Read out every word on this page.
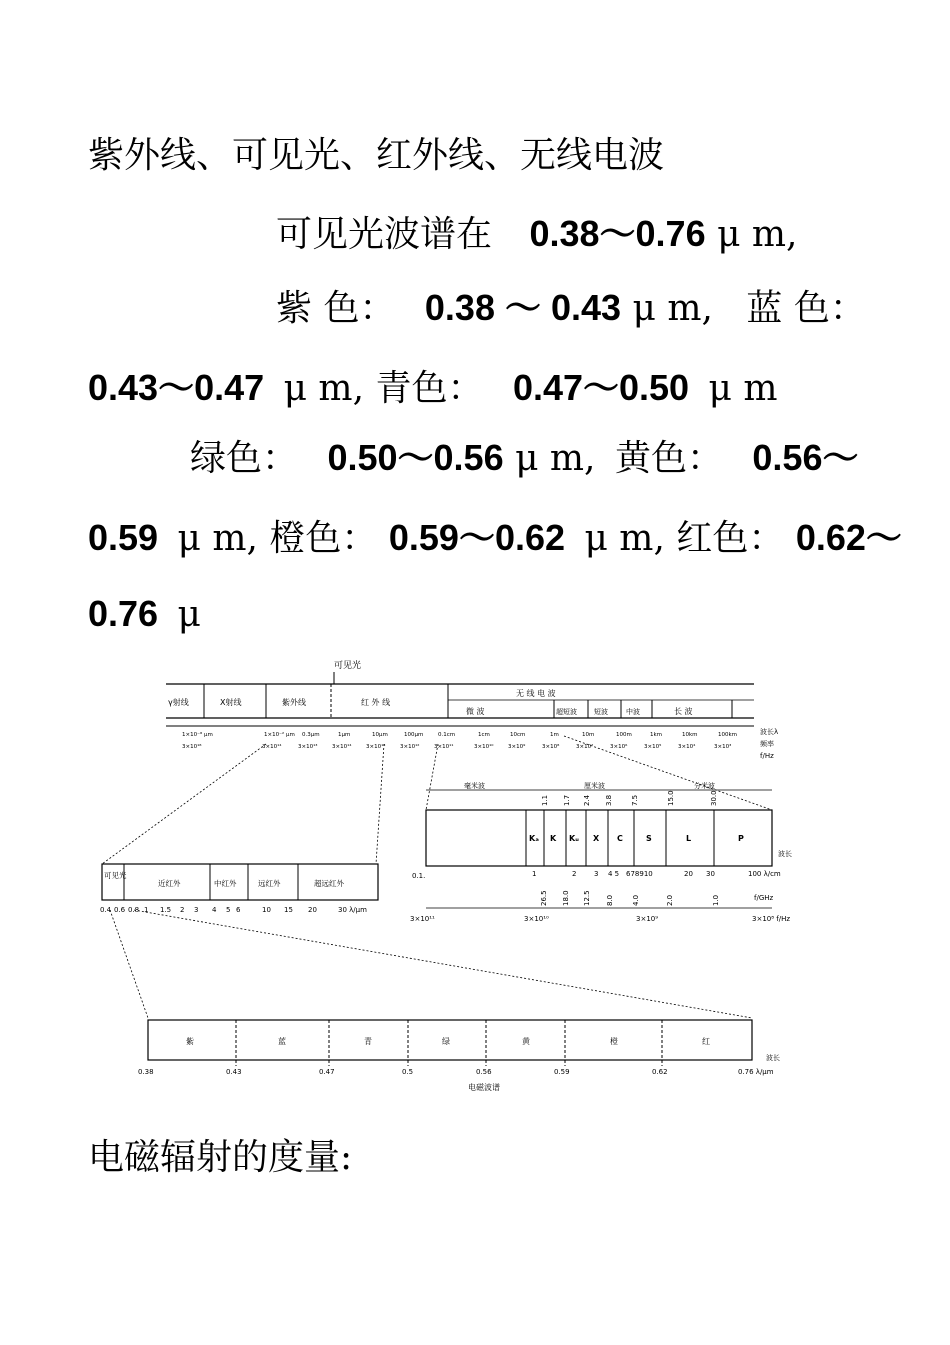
紫外线、可见光、红外线、无线电波
可见光波谱在 0.38～0.76 μ m,
紫 色： 0.38 ～ 0.43 μ m, 蓝 色：
0.43～0.47 μ m, 青色： 0.47～0.50 μ m
绿色： 0.50～0.56 μ m, 黄色： 0.56～
0.59 μ m, 橙色： 0.59～0.62 μ m, 红色： 0.62～
0.76 μ
可见光
γ射线	X射线	紫外线	红 外 线
无 线 电 波
微 波	超短波 短波	中波	长 波
1×10⁻⁸ μm	1×10⁻² μm 0.3μm	1μm	10μm	100μm	0.1cm	1cm	10cm	1m	10m	100m	1km	10km	100km
3×10¹⁸	3×10¹⁴	3×10¹³	3×10¹⁴	3×10¹³	3×10¹²	3×10¹¹	3×10¹⁰	3×10⁹	3×10⁸	3×10⁷	3×10⁶	3×10⁵	3×10⁴	3×10³
波长λ
频率
f/Hz
毫米波	厘米波	分米波
Kₐ K Kᵤ X C	S	L	P
1.1 1.7 2.4 3.8	7.5	15.0	30.0
0.1.	1	2	3 4 5 678910	20 30	100 λ/cm
26.5 18.0 12.5 8.0	4.0	2.0	1.0	f/GHz
3×10¹¹	3×10¹⁰	3×10⁹	3×10⁸ f/Hz
波长
可见光
近红外	中红外	远红外	超远红外
0.4 0.6 0.8 1 1.5 2 3 4 5 6	10 15 20	30 λ/μm
紫	蓝	青	绿	黄	橙	红
0.38	0.43	0.47	0.5	0.56	0.59	0.62	0.76 λ/μm
波长
电磁波谱
电磁辐射的度量:
